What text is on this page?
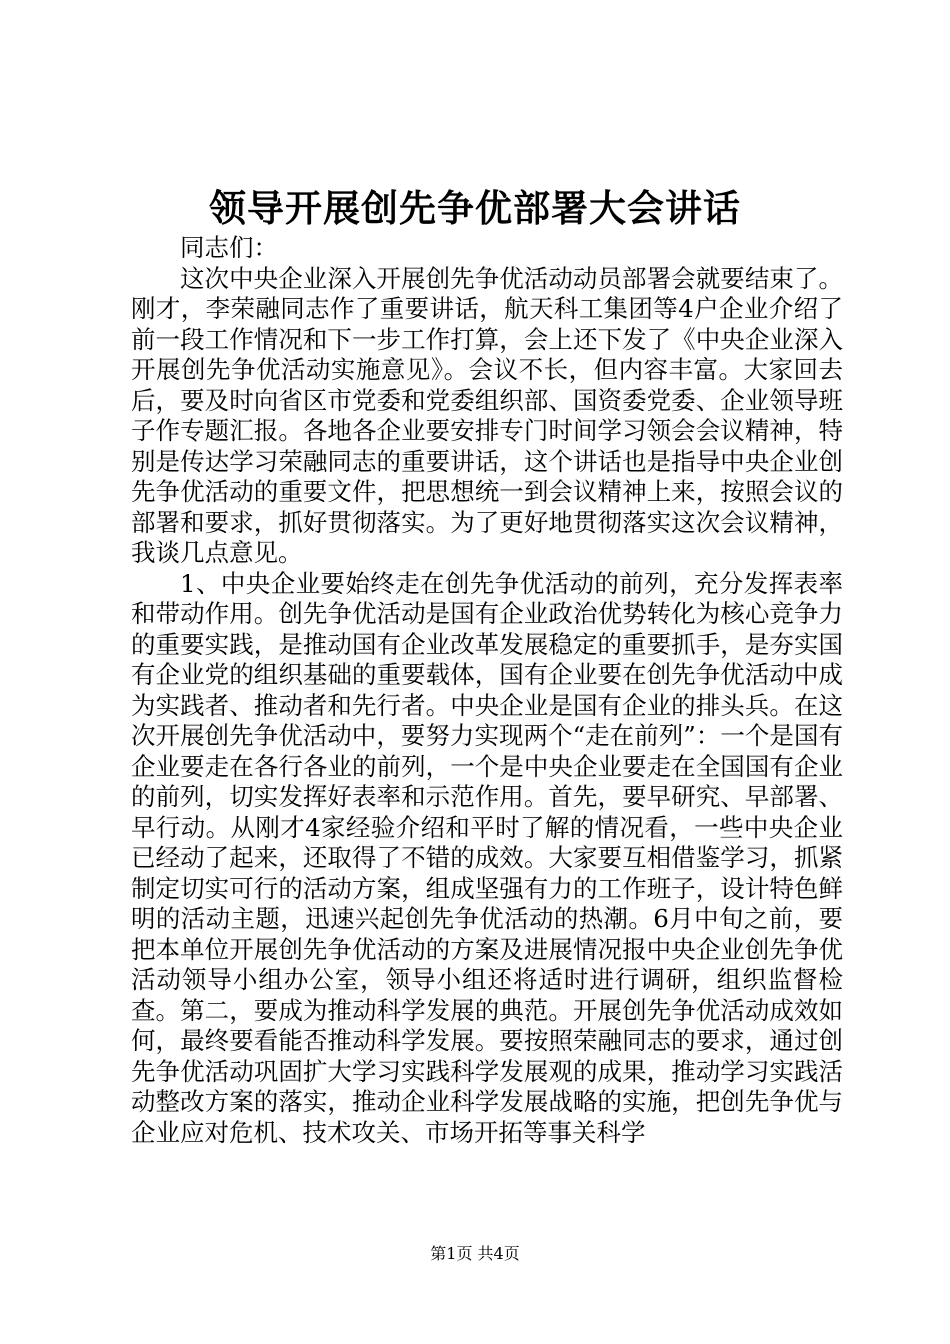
领导开展创先争优部署大会讲话

同志们：

这次中央企业深入开展创先争优活动动员部署会就要结束了。刚才，李荣融同志作了重要讲话，航天科工集团等4户企业介绍了前一段工作情况和下一步工作打算，会上还下发了《中央企业深入开展创先争优活动实施意见》。会议不长，但内容丰富。大家回去后，要及时向省区市党委和党委组织部、国资委党委、企业领导班子作专题汇报。各地各企业要安排专门时间学习领会会议精神，特别是传达学习荣融同志的重要讲话，这个讲话也是指导中央企业创先争优活动的重要文件，把思想统一到会议精神上来，按照会议的部署和要求，抓好贯彻落实。为了更好地贯彻落实这次会议精神，我谈几点意见。

1、中央企业要始终走在创先争优活动的前列，充分发挥表率和带动作用。创先争优活动是国有企业政治优势转化为核心竞争力的重要实践，是推动国有企业改革发展稳定的重要抓手，是夯实国有企业党的组织基础的重要载体，国有企业要在创先争优活动中成为实践者、推动者和先行者。中央企业是国有企业的排头兵。在这次开展创先争优活动中，要努力实现两个“走在前列”：一个是国有企业要走在各行各业的前列，一个是中央企业要走在全国国有企业的前列，切实发挥好表率和示范作用。首先，要早研究、早部署、早行动。从刚才4家经验介绍和平时了解的情况看，一些中央企业已经动了起来，还取得了不错的成效。大家要互相借鉴学习，抓紧制定切实可行的活动方案，组成坚强有力的工作班子，设计特色鲜明的活动主题，迅速兴起创先争优活动的热潮。6月中旬之前，要把本单位开展创先争优活动的方案及进展情况报中央企业创先争优活动领导小组办公室，领导小组还将适时进行调研，组织监督检查。第二，要成为推动科学发展的典范。开展创先争优活动成效如何，最终要看能否推动科学发展。要按照荣融同志的要求，通过创先争优活动巩固扩大学习实践科学发展观的成果，推动学习实践活动整改方案的落实，推动企业科学发展战略的实施，把创先争优与企业应对危机、技术攻关、市场开拓等事关科学

第1页 共4页
